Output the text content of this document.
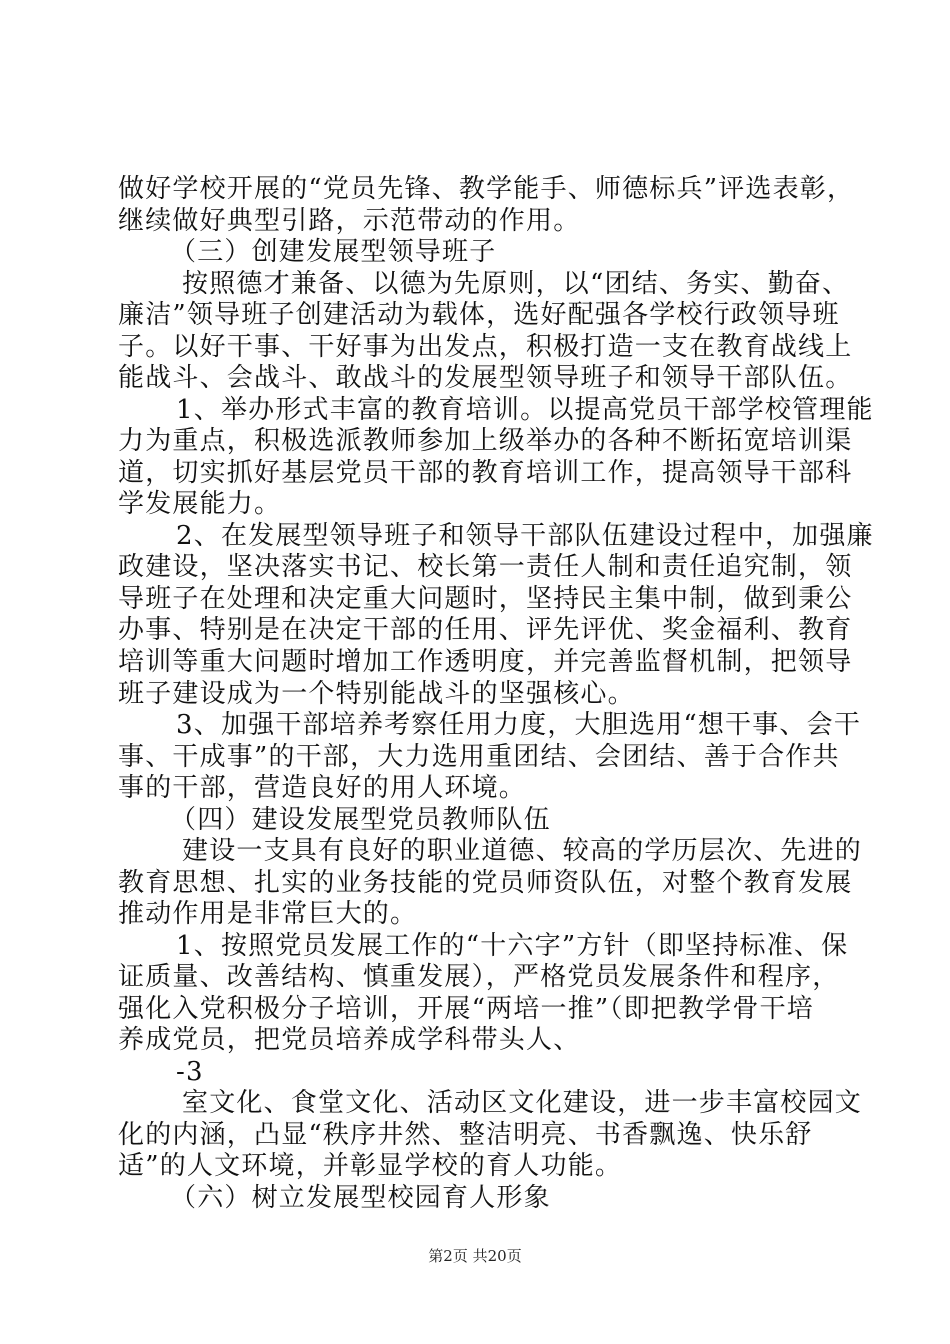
做好学校开展的“党员先锋、教学能手、师德标兵”评选表彰，
继续做好典型引路，示范带动的作用。
（三）创建发展型领导班子
按照德才兼备、以德为先原则，以“团结、务实、勤奋、
廉洁”领导班子创建活动为载体，选好配强各学校行政领导班
子。以好干事、干好事为出发点，积极打造一支在教育战线上
能战斗、会战斗、敢战斗的发展型领导班子和领导干部队伍。
1、举办形式丰富的教育培训。以提高党员干部学校管理能
力为重点，积极选派教师参加上级举办的各种不断拓宽培训渠
道，切实抓好基层党员干部的教育培训工作，提高领导干部科
学发展能力。
2、在发展型领导班子和领导干部队伍建设过程中，加强廉
政建设，坚决落实书记、校长第一责任人制和责任追究制，领
导班子在处理和决定重大问题时，坚持民主集中制，做到秉公
办事、特别是在决定干部的任用、评先评优、奖金福利、教育
培训等重大问题时增加工作透明度，并完善监督机制，把领导
班子建设成为一个特别能战斗的坚强核心。
3、加强干部培养考察任用力度，大胆选用“想干事、会干
事、干成事”的干部，大力选用重团结、会团结、善于合作共
事的干部，营造良好的用人环境。
（四）建设发展型党员教师队伍
建设一支具有良好的职业道德、较高的学历层次、先进的
教育思想、扎实的业务技能的党员师资队伍，对整个教育发展
推动作用是非常巨大的。
1、按照党员发展工作的“十六字”方针（即坚持标准、保
证质量、改善结构、慎重发展），严格党员发展条件和程序，
强化入党积极分子培训，开展“两培一推”（即把教学骨干培
养成党员，把党员培养成学科带头人、
-3
室文化、食堂文化、活动区文化建设，进一步丰富校园文
化的内涵，凸显“秩序井然、整洁明亮、书香飘逸、快乐舒
适”的人文环境，并彰显学校的育人功能。
（六）树立发展型校园育人形象
第2页 共20页
